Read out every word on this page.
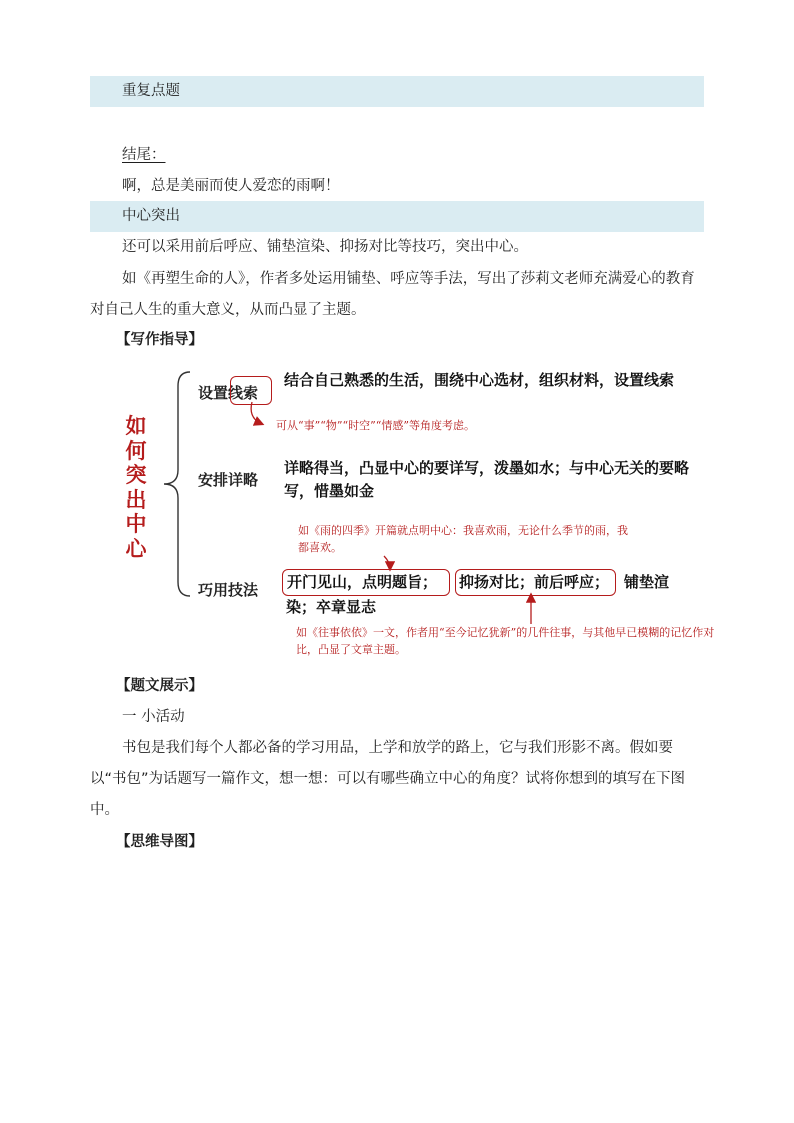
重复点题
结尾：
啊，总是美丽而使人爱恋的雨啊！
中心突出
还可以采用前后呼应、铺垫渲染、抑扬对比等技巧，突出中心。
如《再塑生命的人》，作者多处运用铺垫、呼应等手法，写出了莎莉文老师充满爱心的教育对自己人生的重大意义，从而凸显了主题。
【写作指导】
如
何
突
出
中
心
设置线索
结合自己熟悉的生活，围绕中心选材，组织材料，设置线索
可从“事”“物”“时空”“情感”等角度考虑。
安排详略
详略得当，凸显中心的要详写，泼墨如水；与中心无关的要略写，惜墨如金
如《雨的四季》开篇就点明中心：我喜欢雨，无论什么季节的雨，我都喜欢。
巧用技法 开门见山，点明题旨； 抑扬对比；前后呼应； 铺垫渲
染；卒章显志
如《往事依依》一文，作者用“至今记忆犹新”的几件往事，与其他早已模糊的记忆作对比，凸显了文章主题。
【题文展示】
一 小活动
书包是我们每个人都必备的学习用品，上学和放学的路上，它与我们形影不离。假如要以“书包”为话题写一篇作文，想一想：可以有哪些确立中心的角度？试将你想到的填写在下图中。
【思维导图】
